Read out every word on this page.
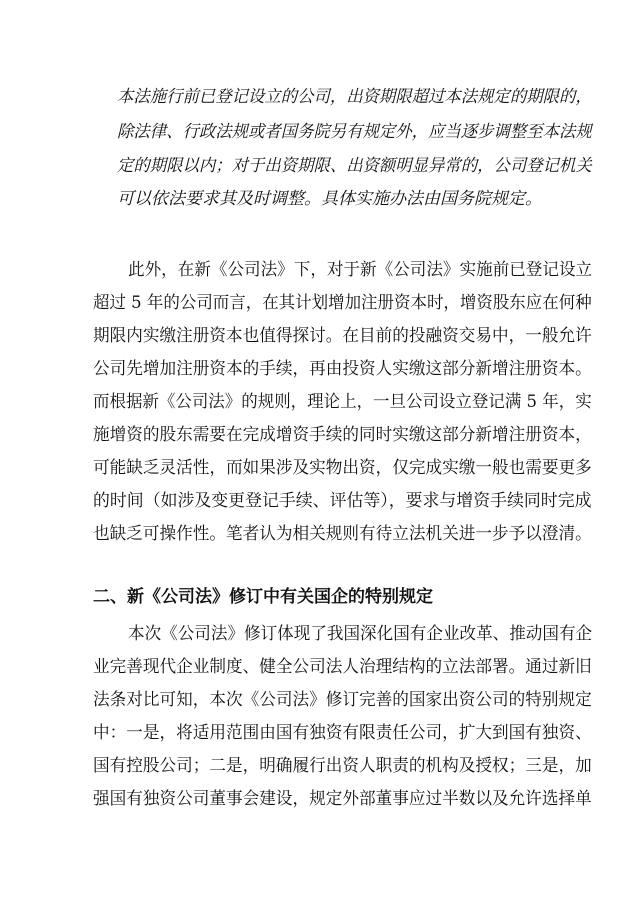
本法施行前已登记设立的公司，出资期限超过本法规定的期限的，
除法律、行政法规或者国务院另有规定外，应当逐步调整至本法规
定的期限以内；对于出资期限、出资额明显异常的，公司登记机关
可以依法要求其及时调整。具体实施办法由国务院规定。
此外，在新《公司法》下，对于新《公司法》实施前已登记设立
超过 5 年的公司而言，在其计划增加注册资本时，增资股东应在何种
期限内实缴注册资本也值得探讨。在目前的投融资交易中，一般允许
公司先增加注册资本的手续，再由投资人实缴这部分新增注册资本。
而根据新《公司法》的规则，理论上，一旦公司设立登记满 5 年，实
施增资的股东需要在完成增资手续的同时实缴这部分新增注册资本，
可能缺乏灵活性，而如果涉及实物出资，仅完成实缴一般也需要更多
的时间（如涉及变更登记手续、评估等），要求与增资手续同时完成
也缺乏可操作性。笔者认为相关规则有待立法机关进一步予以澄清。
二、新《公司法》修订中有关国企的特别规定
本次《公司法》修订体现了我国深化国有企业改革、推动国有企
业完善现代企业制度、健全公司法人治理结构的立法部署。通过新旧
法条对比可知，本次《公司法》修订完善的国家出资公司的特别规定
中：一是，将适用范围由国有独资有限责任公司，扩大到国有独资、
国有控股公司；二是，明确履行出资人职责的机构及授权；三是，加
强国有独资公司董事会建设，规定外部董事应过半数以及允许选择单
